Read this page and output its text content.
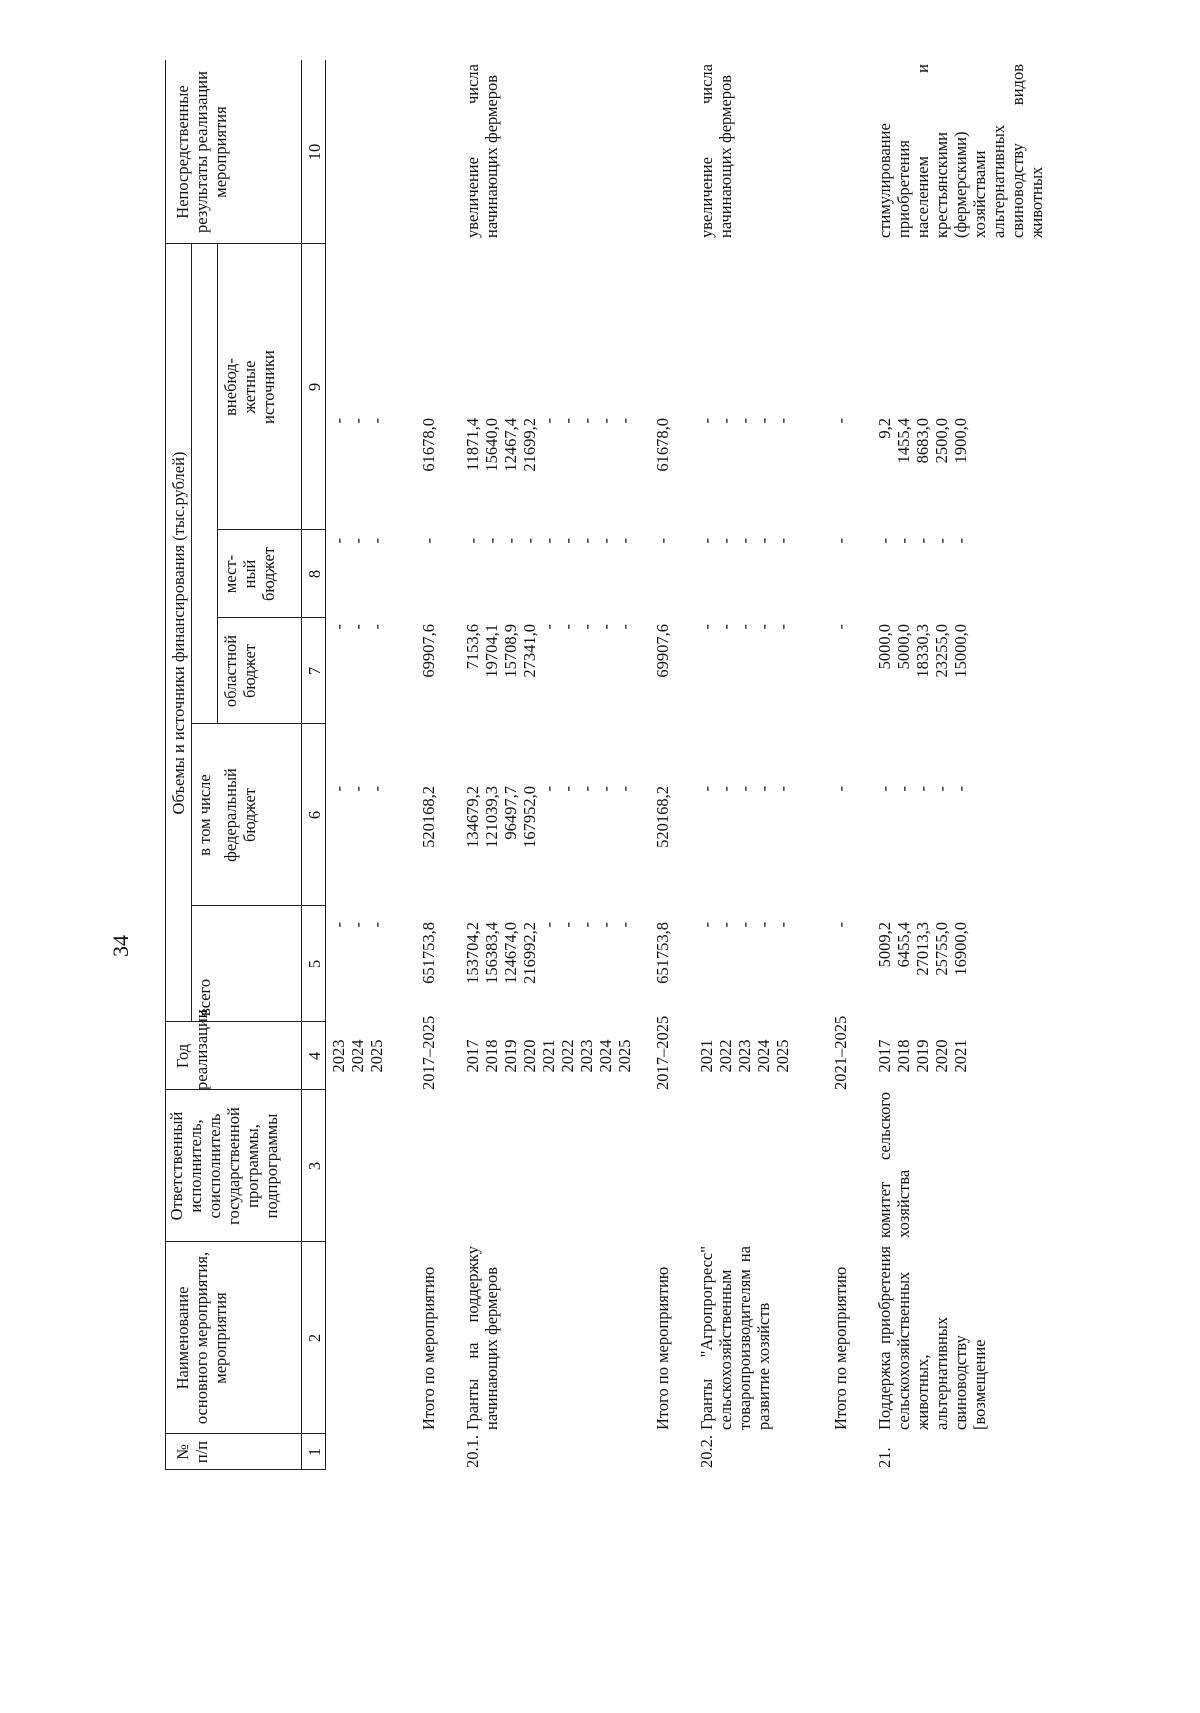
34
№
п/п
Наименование
основного мероприятия,
мероприятия
Ответственный
исполнитель,
соисполнитель
государственной
программы,
подпрограммы
Год
реализации
Объемы и источники финансирования (тыс.рублей)
всего
в том числе федеральный
бюджет
областной
бюджет
мест-
ный
бюджет
внебюд-
жетные
источники
Непосредственные
результаты реализации
мероприятия
1
2
3
4
5
6
7
8
9
10
2023
2024
2025
-
-
-
-
-
-
-
-
-
-
-
-
-
-
-
Итого по мероприятию
2017–2025
651753,8
520168,2
69907,6
-
61678,0
20.1.
Гранты на поддержку начинающих фермеров
2017
2018
2019
2020
2021
2022
2023
2024
2025
153704,2
156383,4
124674,0
216992,2
-
-
-
-
-
134679,2
121039,3
96497,7
167952,0
-
-
-
-
-
7153,6
19704,1
15708,9
27341,0
-
-
-
-
-
-
-
-
-
-
-
-
-
-
11871,4
15640,0
12467,4
21699,2
-
-
-
-
-
увеличение числа начинающих фермеров
Итого по мероприятию
2017–2025
651753,8
520168,2
69907,6
-
61678,0
20.2.
Гранты "Агропрогресс" сельскохозяйственным товаропроизводителям на развитие хозяйств
2021
2022
2023
2024
2025
-
-
-
-
-
-
-
-
-
-
-
-
-
-
-
-
-
-
-
-
-
-
-
-
-
увеличение числа начинающих фермеров
Итого по мероприятию
2021–2025
-
-
-
-
-
21.
Поддержка приобретения сельскохозяйственных животных, альтернативных свиноводству [возмещение
комитет сельского хозяйства
2017
2018
2019
2020
2021
5009,2
6455,4
27013,3
25755,0
16900,0
-
-
-
-
-
5000,0
5000,0
18330,3
23255,0
15000,0
-
-
-
-
-
9,2
1455,4
8683,0
2500,0
1900,0
стимулирование приобретения населением и крестьянскими (фермерскими) хозяйствами альтернативных свиноводству видов животных
